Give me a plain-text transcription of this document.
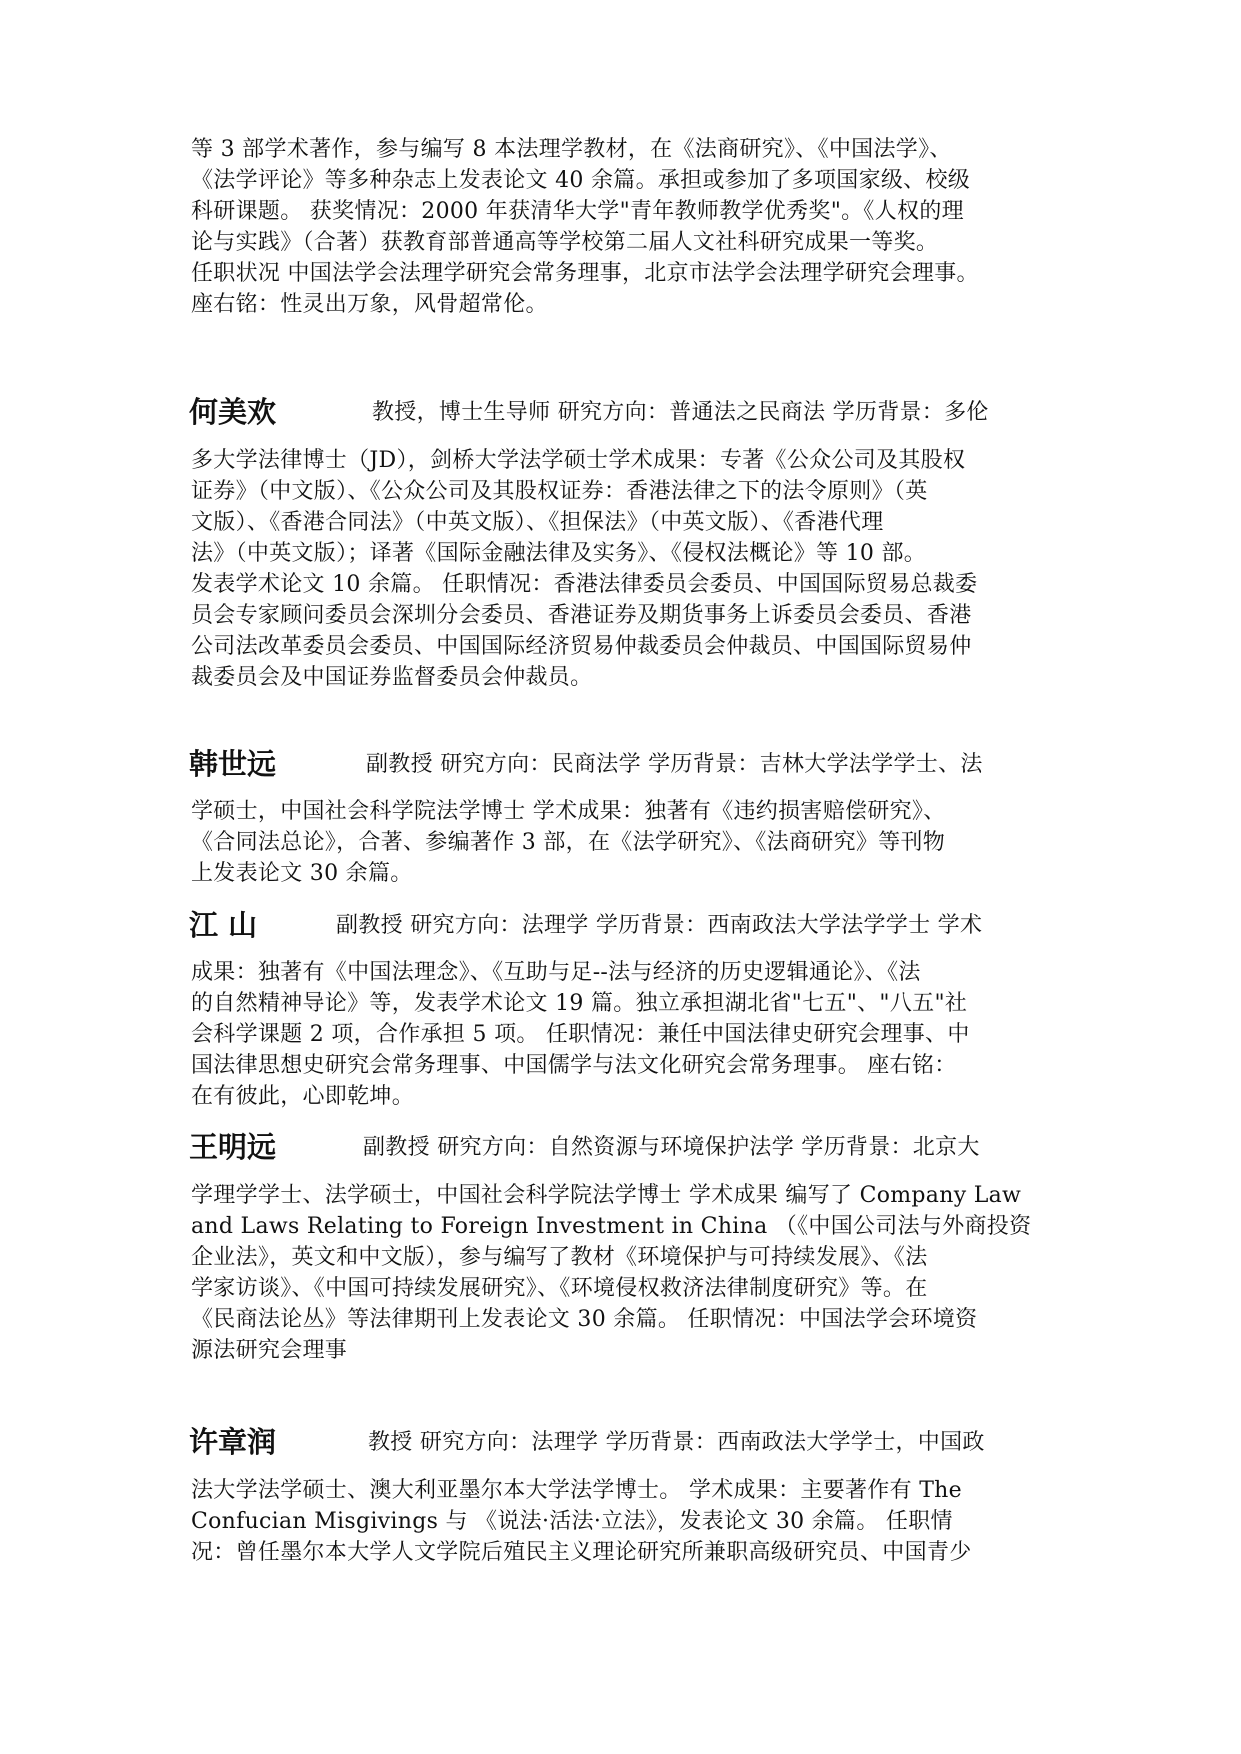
等 3 部学术著作，参与编写 8 本法理学教材，在《法商研究》、《中国法学》、
《法学评论》等多种杂志上发表论文 40 余篇。承担或参加了多项国家级、校级
科研课题。 获奖情况：2000 年获清华大学"青年教师教学优秀奖"。《人权的理
论与实践》（合著）获教育部普通高等学校第二届人文社科研究成果一等奖。
任职状况 中国法学会法理学研究会常务理事，北京市法学会法理学研究会理事。
座右铭：性灵出万象，风骨超常伦。
何美欢	教授，博士生导师 研究方向：普通法之民商法 学历背景：多伦
多大学法律博士（JD），剑桥大学法学硕士学术成果：专著《公众公司及其股权
证券》（中文版）、《公众公司及其股权证券：香港法律之下的法令原则》（英
文版）、《香港合同法》（中英文版）、《担保法》（中英文版）、《香港代理
法》（中英文版）；译著《国际金融法律及实务》、《侵权法概论》等 10 部。
发表学术论文 10 余篇。 任职情况：香港法律委员会委员、中国国际贸易总裁委
员会专家顾问委员会深圳分会委员、香港证券及期货事务上诉委员会委员、香港
公司法改革委员会委员、中国国际经济贸易仲裁委员会仲裁员、中国国际贸易仲
裁委员会及中国证券监督委员会仲裁员。
韩世远	副教授 研究方向：民商法学 学历背景：吉林大学法学学士、法
学硕士，中国社会科学院法学博士 学术成果：独著有《违约损害赔偿研究》、
《合同法总论》，合著、参编著作 3 部，在《法学研究》、《法商研究》等刊物
上发表论文 30 余篇。
江 山	副教授 研究方向：法理学 学历背景：西南政法大学法学学士 学术
成果：独著有《中国法理念》、《互助与足--法与经济的历史逻辑通论》、《法
的自然精神导论》等，发表学术论文 19 篇。独立承担湖北省"七五"、"八五"社
会科学课题 2 项，合作承担 5 项。 任职情况：兼任中国法律史研究会理事、中
国法律思想史研究会常务理事、中国儒学与法文化研究会常务理事。 座右铭：
在有彼此，心即乾坤。
王明远	副教授 研究方向：自然资源与环境保护法学 学历背景：北京大
学理学学士、法学硕士，中国社会科学院法学博士 学术成果 编写了 Company Law
and Laws Relating to Foreign Investment in China （《中国公司法与外商投资
企业法》，英文和中文版），参与编写了教材《环境保护与可持续发展》、《法
学家访谈》、《中国可持续发展研究》、《环境侵权救济法律制度研究》等。在
《民商法论丛》等法律期刊上发表论文 30 余篇。 任职情况：中国法学会环境资
源法研究会理事
许章润	教授 研究方向：法理学 学历背景：西南政法大学学士，中国政
法大学法学硕士、澳大利亚墨尔本大学法学博士。 学术成果：主要著作有 The
Confucian Misgivings 与 《说法·活法·立法》，发表论文 30 余篇。 任职情
况：曾任墨尔本大学人文学院后殖民主义理论研究所兼职高级研究员、中国青少
